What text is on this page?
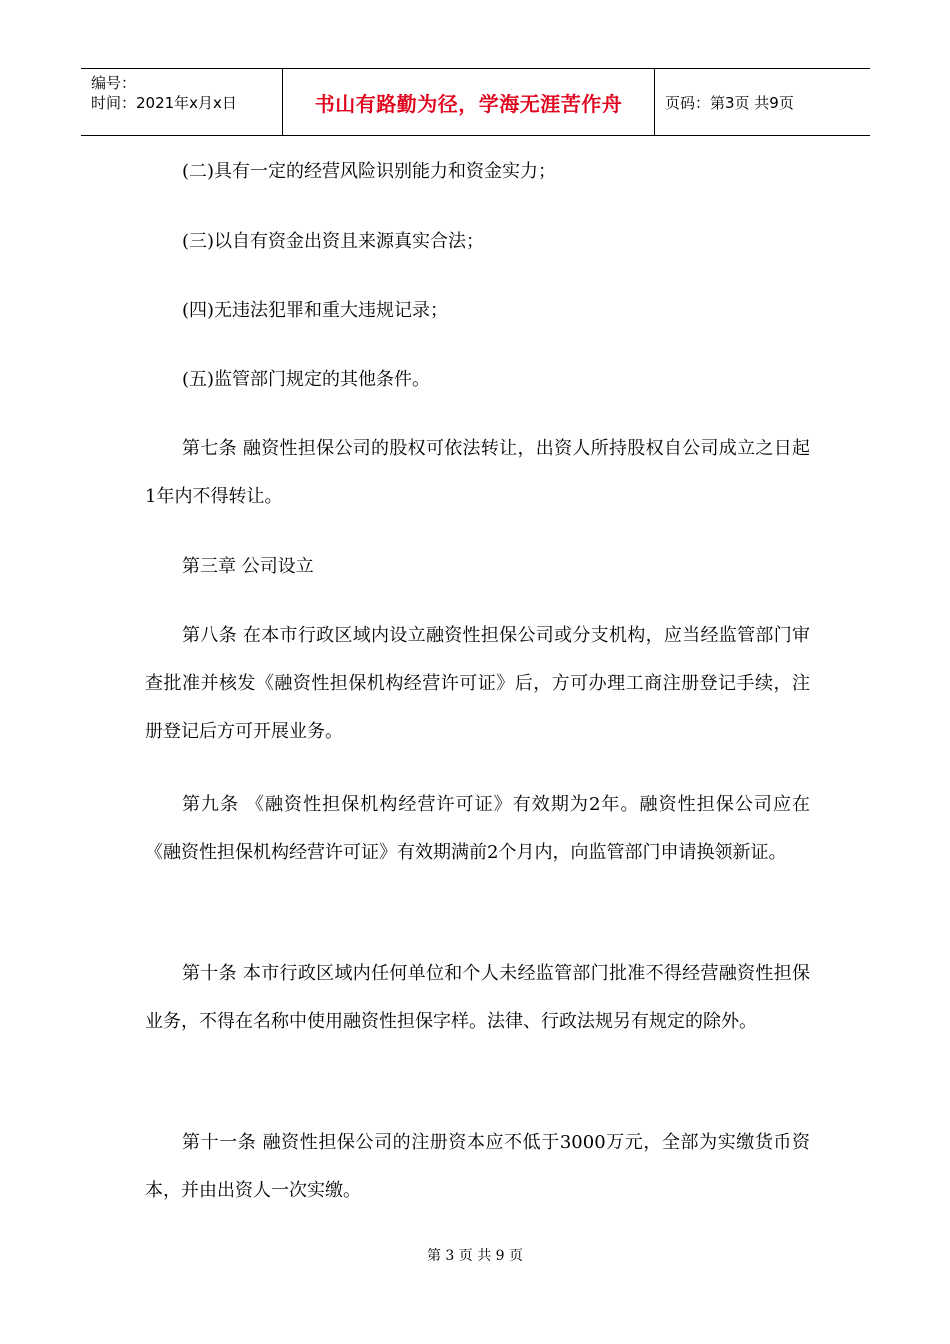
编号：
时间：2021年x月x日	书山有路勤为径，学海无涯苦作舟	页码：第3页 共9页

(二)具有一定的经营风险识别能力和资金实力；

(三)以自有资金出资且来源真实合法；

(四)无违法犯罪和重大违规记录；

(五)监管部门规定的其他条件。

第七条 融资性担保公司的股权可依法转让，出资人所持股权自公司成立之日起1年内不得转让。

第三章 公司设立

第八条 在本市行政区域内设立融资性担保公司或分支机构，应当经监管部门审查批准并核发《融资性担保机构经营许可证》后，方可办理工商注册登记手续，注册登记后方可开展业务。

第九条 《融资性担保机构经营许可证》有效期为2年。融资性担保公司应在《融资性担保机构经营许可证》有效期满前2个月内，向监管部门申请换领新证。

第十条 本市行政区域内任何单位和个人未经监管部门批准不得经营融资性担保业务，不得在名称中使用融资性担保字样。法律、行政法规另有规定的除外。

第十一条 融资性担保公司的注册资本应不低于3000万元，全部为实缴货币资本，并由出资人一次实缴。

第 3 页 共 9 页
